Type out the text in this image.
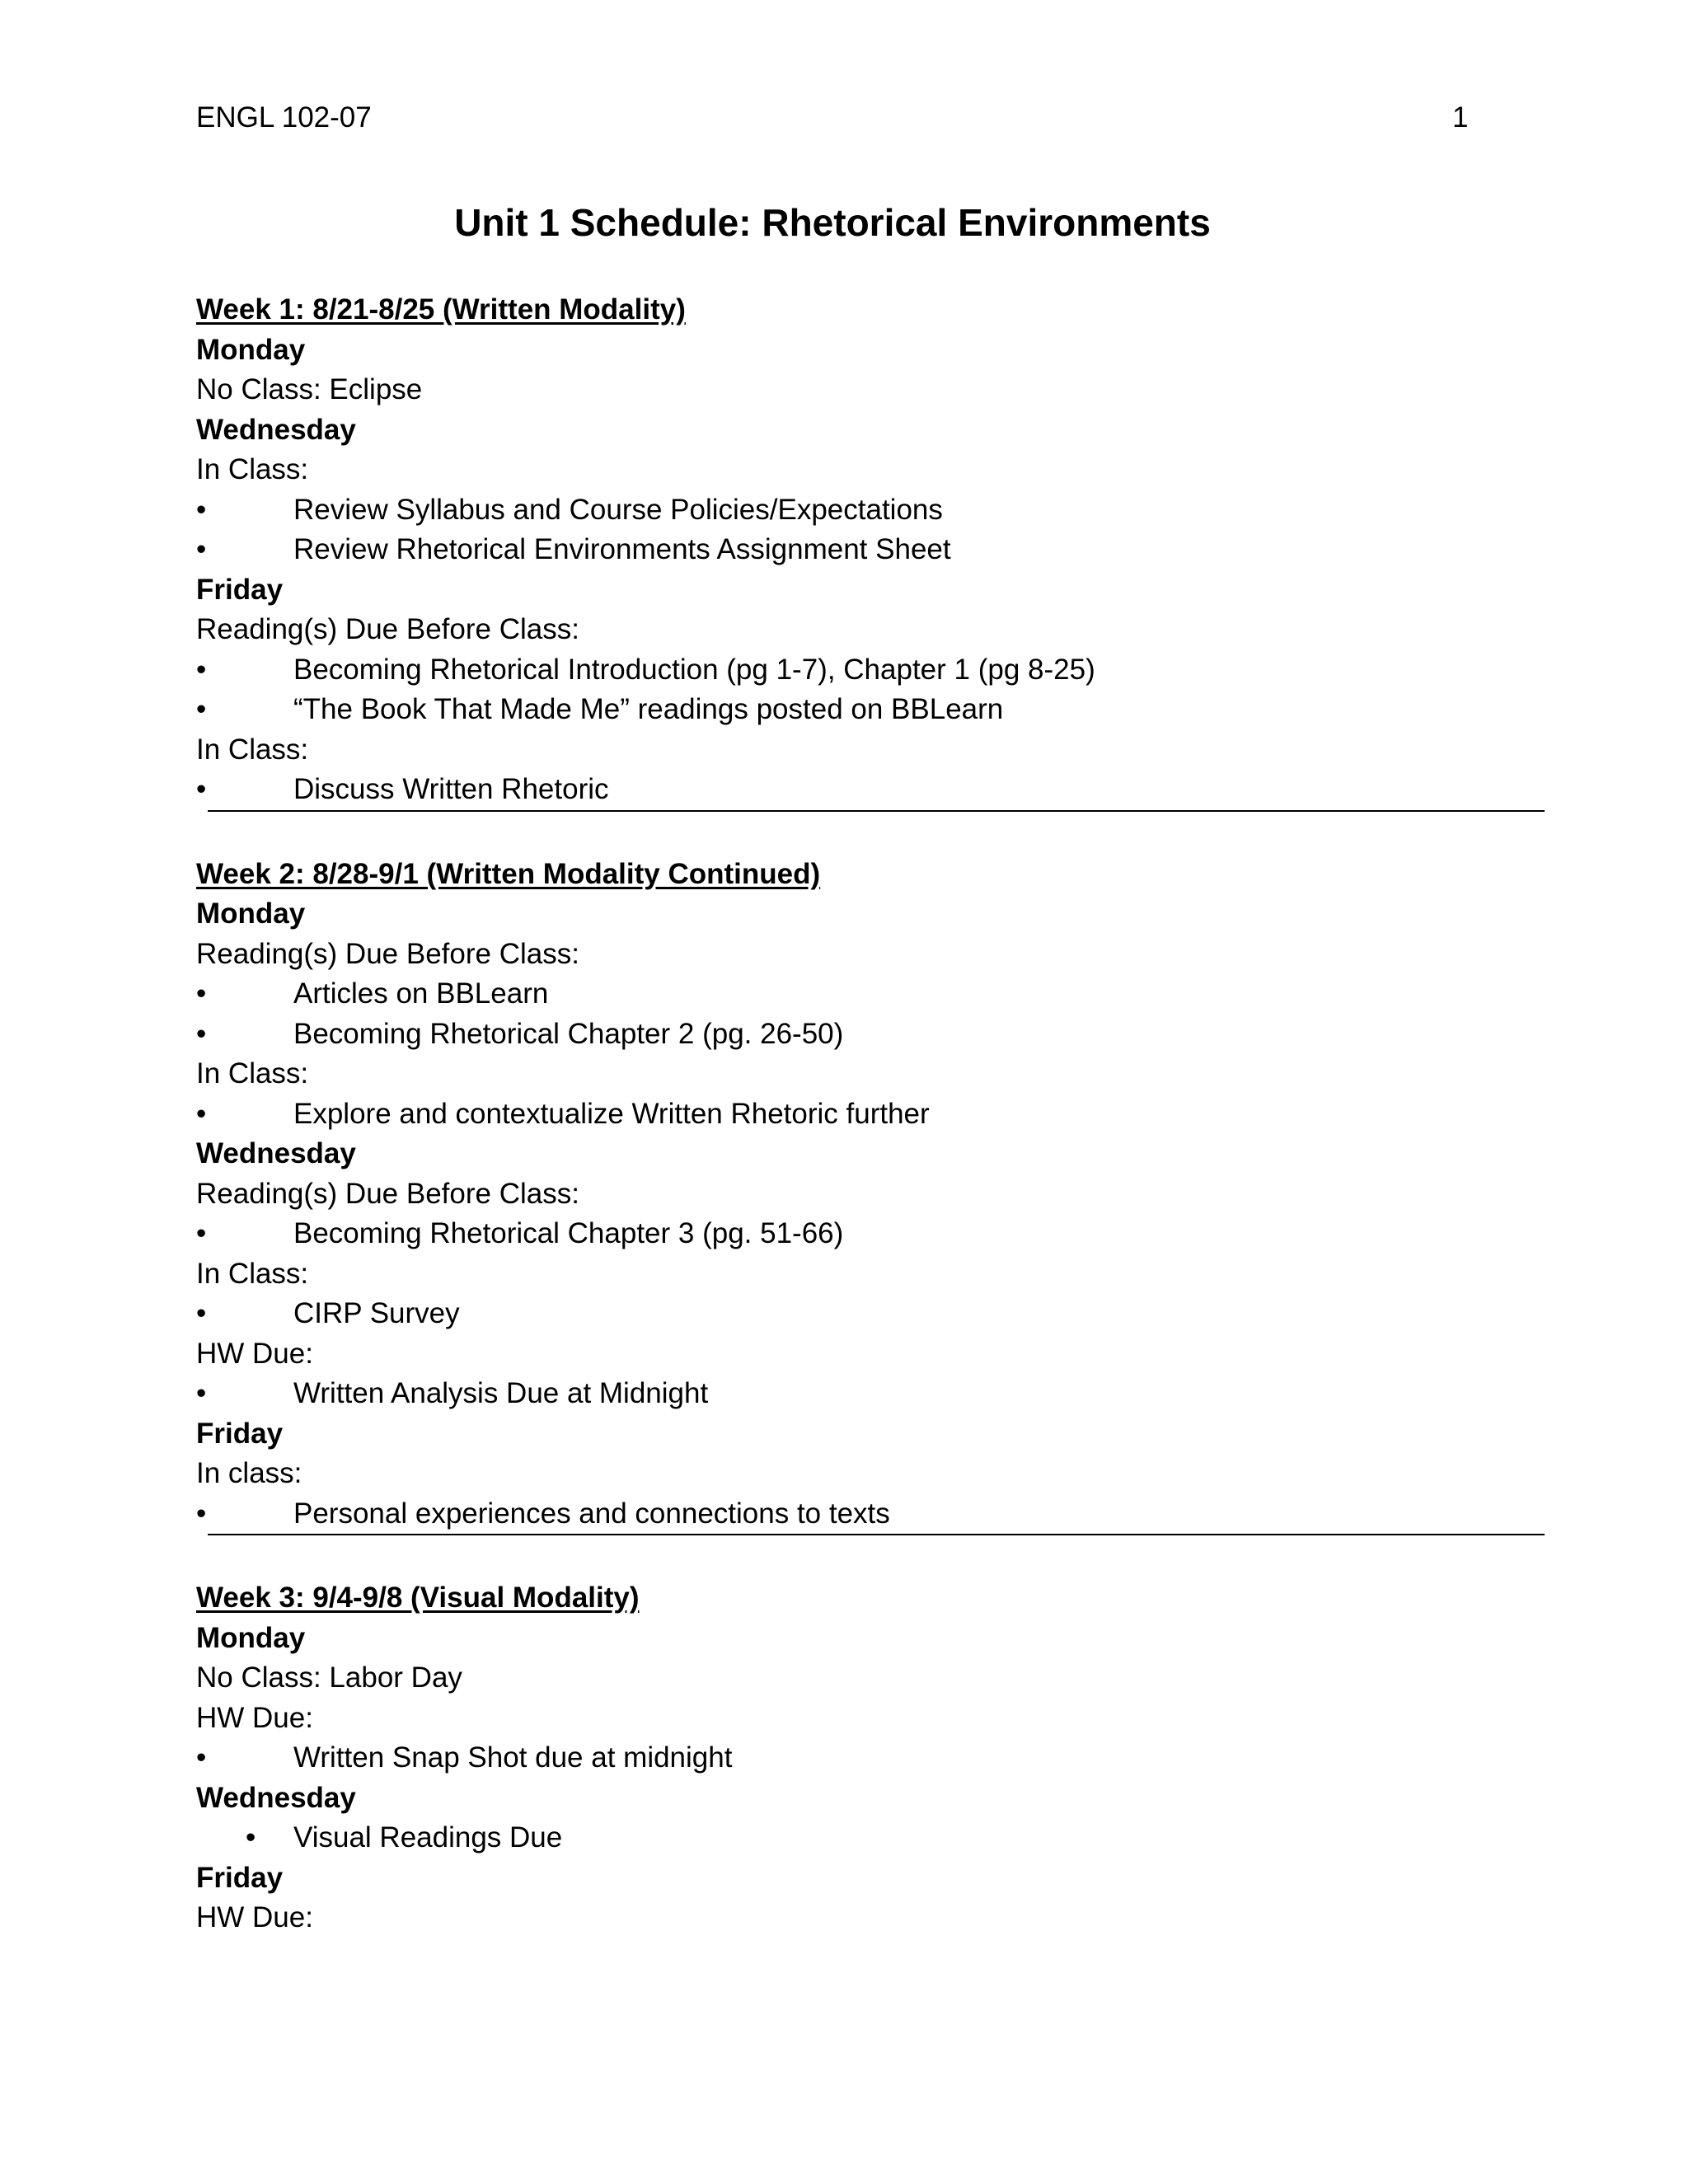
ENGL 102-07	1
Unit 1 Schedule: Rhetorical Environments
Week 1: 8/21-8/25 (Written Modality)
Monday
No Class: Eclipse
Wednesday
In Class:
•	Review Syllabus and Course Policies/Expectations
•	Review Rhetorical Environments Assignment Sheet
Friday
Reading(s) Due Before Class:
•	Becoming Rhetorical Introduction (pg 1-7), Chapter 1 (pg 8-25)
•	“The Book That Made Me” readings posted on BBLearn
In Class:
•	Discuss Written Rhetoric
Week 2: 8/28-9/1 (Written Modality Continued)
Monday
Reading(s) Due Before Class:
•	Articles on BBLearn
•	Becoming Rhetorical Chapter 2 (pg. 26-50)
In Class:
•	Explore and contextualize Written Rhetoric further
Wednesday
Reading(s) Due Before Class:
•	Becoming Rhetorical Chapter 3 (pg. 51-66)
In Class:
•	CIRP Survey
HW Due:
•	Written Analysis Due at Midnight
Friday
In class:
•	Personal experiences and connections to texts
Week 3: 9/4-9/8 (Visual Modality)
Monday
No Class: Labor Day
HW Due:
•	Written Snap Shot due at midnight
Wednesday
• Visual Readings Due
Friday
HW Due:
